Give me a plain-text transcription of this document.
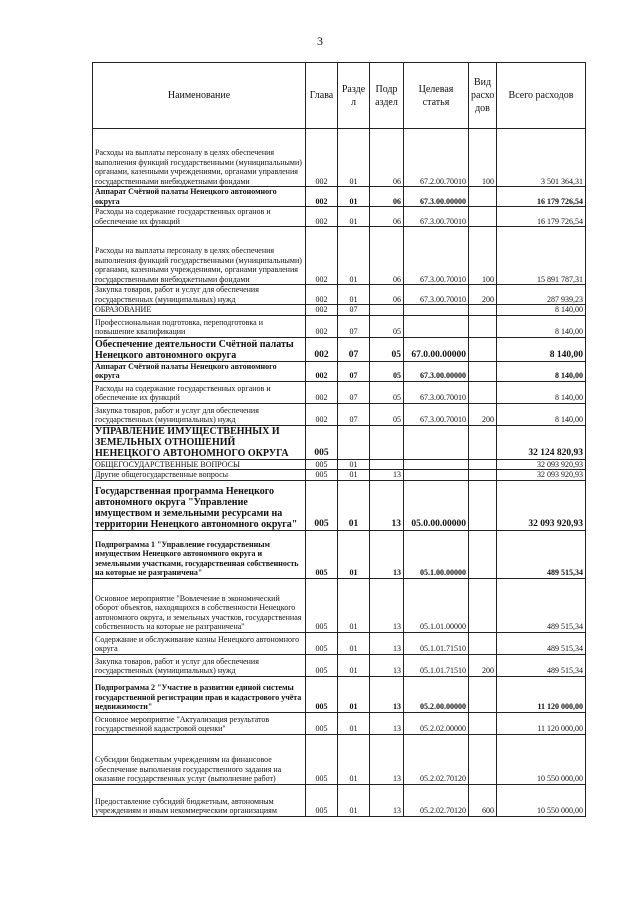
3
Наименование	Глава	Разде л	Подр аздел	Целевая статья	Вид расхо дов	Всего расходов
Расходы на выплаты персоналу в целях обеспечения выполнения функций государственными (муниципальными) органами, казенными учреждениями, органами управления государственными внебюджетными фондами	002	01	06	67.2.00.70010	100	3 501 364,31
Аппарат Счётной палаты Ненецкого автономного округа	002	01	06	67.3.00.00000		16 179 726,54
Расходы на содержание государственных органов и обеспечение их функций	002	01	06	67.3.00.70010		16 179 726,54
Расходы на выплаты персоналу в целях обеспечения выполнения функций государственными (муниципальными) органами, казенными учреждениями, органами управления государственными внебюджетными фондами	002	01	06	67.3.00.70010	100	15 891 787,31
Закупка товаров, работ и услуг для обеспечения государственных (муниципальных) нужд	002	01	06	67.3.00.70010	200	287 939,23
ОБРАЗОВАНИЕ	002	07				8 140,00
Профессиональная подготовка, переподготовка и повышение квалификации	002	07	05			8 140,00
Обеспечение деятельности Счётной палаты Ненецкого автономного округа	002	07	05	67.0.00.00000		8 140,00
Аппарат Счётной палаты Ненецкого автономного округа	002	07	05	67.3.00.00000		8 140,00
Расходы на содержание государственных органов и обеспечение их функций	002	07	05	67.3.00.70010		8 140,00
Закупка товаров, работ и услуг для обеспечения государственных (муниципальных) нужд	002	07	05	67.3.00.70010	200	8 140,00
УПРАВЛЕНИЕ ИМУЩЕСТВЕННЫХ И ЗЕМЕЛЬНЫХ ОТНОШЕНИЙ НЕНЕЦКОГО АВТОНОМНОГО ОКРУГА	005					32 124 820,93
ОБЩЕГОСУДАРСТВЕННЫЕ ВОПРОСЫ	005	01				32 093 920,93
Другие общегосударственные вопросы	005	01	13			32 093 920,93
Государственная программа Ненецкого автономного округа "Управление имуществом и земельными ресурсами на территории Ненецкого автономного округа"	005	01	13	05.0.00.00000		32 093 920,93
Подпрограмма 1 "Управление государственным имуществом Ненецкого автономного округа и земельными участками, государственная собственность на которые не разграничена"	005	01	13	05.1.00.00000		489 515,34
Основное мероприятие "Вовлечение в экономический оборот объектов, находящихся в собственности Ненецкого автономного округа, и земельных участков, государственная собственность на которые не разграничена"	005	01	13	05.1.01.00000		489 515,34
Содержание и обслуживание казны Ненецкого автономного округа	005	01	13	05.1.01.71510		489 515,34
Закупка товаров, работ и услуг для обеспечения государственных (муниципальных) нужд	005	01	13	05.1.01.71510	200	489 515,34
Подпрограмма 2 "Участие в развитии единой системы государственной регистрации прав и кадастрового учёта недвижимости"	005	01	13	05.2.00.00000		11 120 000,00
Основное мероприятие "Актуализация результатов государственной кадастровой оценки"	005	01	13	05.2.02.00000		11 120 000,00
Субсидии бюджетным учреждениям на финансовое обеспечение выполнения государственного задания на оказание государственных услуг (выполнение работ)	005	01	13	05.2.02.70120		10 550 000,00
Предоставление субсидий бюджетным, автономным учреждениям и иным некоммерческим организациям	005	01	13	05.2.02.70120	600	10 550 000,00
